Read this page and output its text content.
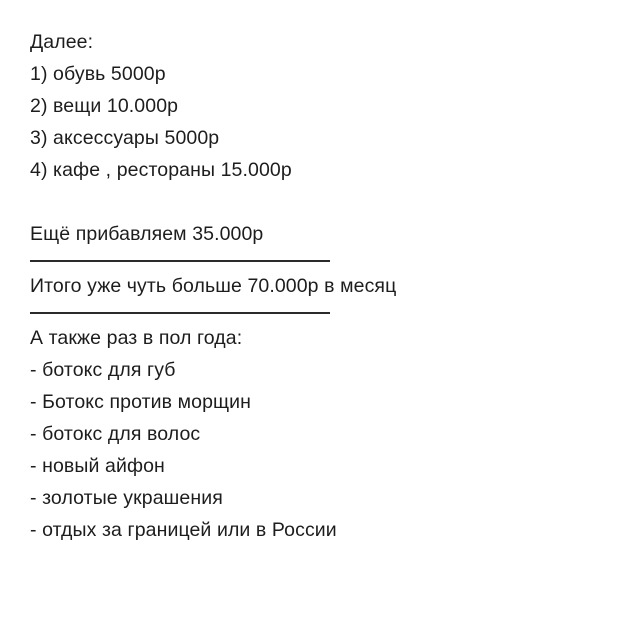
Далее:
1) обувь 5000р
2) вещи 10.000р
3) аксессуары 5000р
4) кафе , рестораны 15.000р
Ещё прибавляем 35.000р
Итого уже чуть больше 70.000р в месяц
А также раз в пол года:
- ботокс для губ
- Ботокс против морщин
- ботокс для волос
- новый айфон
- золотые украшения
- отдых за границей или в России
